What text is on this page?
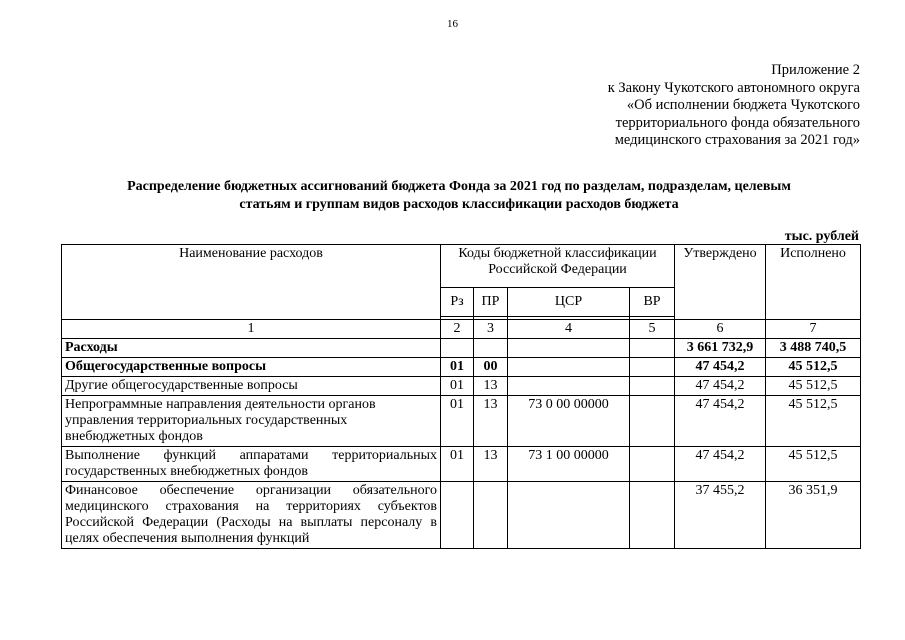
16
Приложение 2
к Закону Чукотского автономного округа
«Об исполнении бюджета Чукотского
территориального фонда обязательного
медицинского страхования за 2021 год»
Распределение бюджетных ассигнований бюджета Фонда за 2021 год по разделам, подразделам, целевым
статьям и группам видов расходов классификации расходов бюджета
тыс. рублей
Наименование расходов	Коды бюджетной классификации Российской Федерации				Утверждено	Исполнено
	Рз	ПР	ЦСР	ВР		

1	2	3	4	5	6	7
Расходы					3 661 732,9	3 488 740,5
Общегосударственные вопросы	01	00			47 454,2	45 512,5
Другие общегосударственные вопросы	01	13			47 454,2	45 512,5
Непрограммные направления деятельности органов управления территориальных государственных внебюджетных фондов	01	13	73 0 00 00000		47 454,2	45 512,5
Выполнение функций аппаратами территориальных государственных внебюджетных фондов	01	13	73 1 00 00000		47 454,2	45 512,5
Финансовое обеспечение организации обязательного медицинского страхования на территориях субъектов Российской Федерации (Расходы на выплаты персоналу в целях обеспечения выполнения функций					37 455,2	36 351,9
